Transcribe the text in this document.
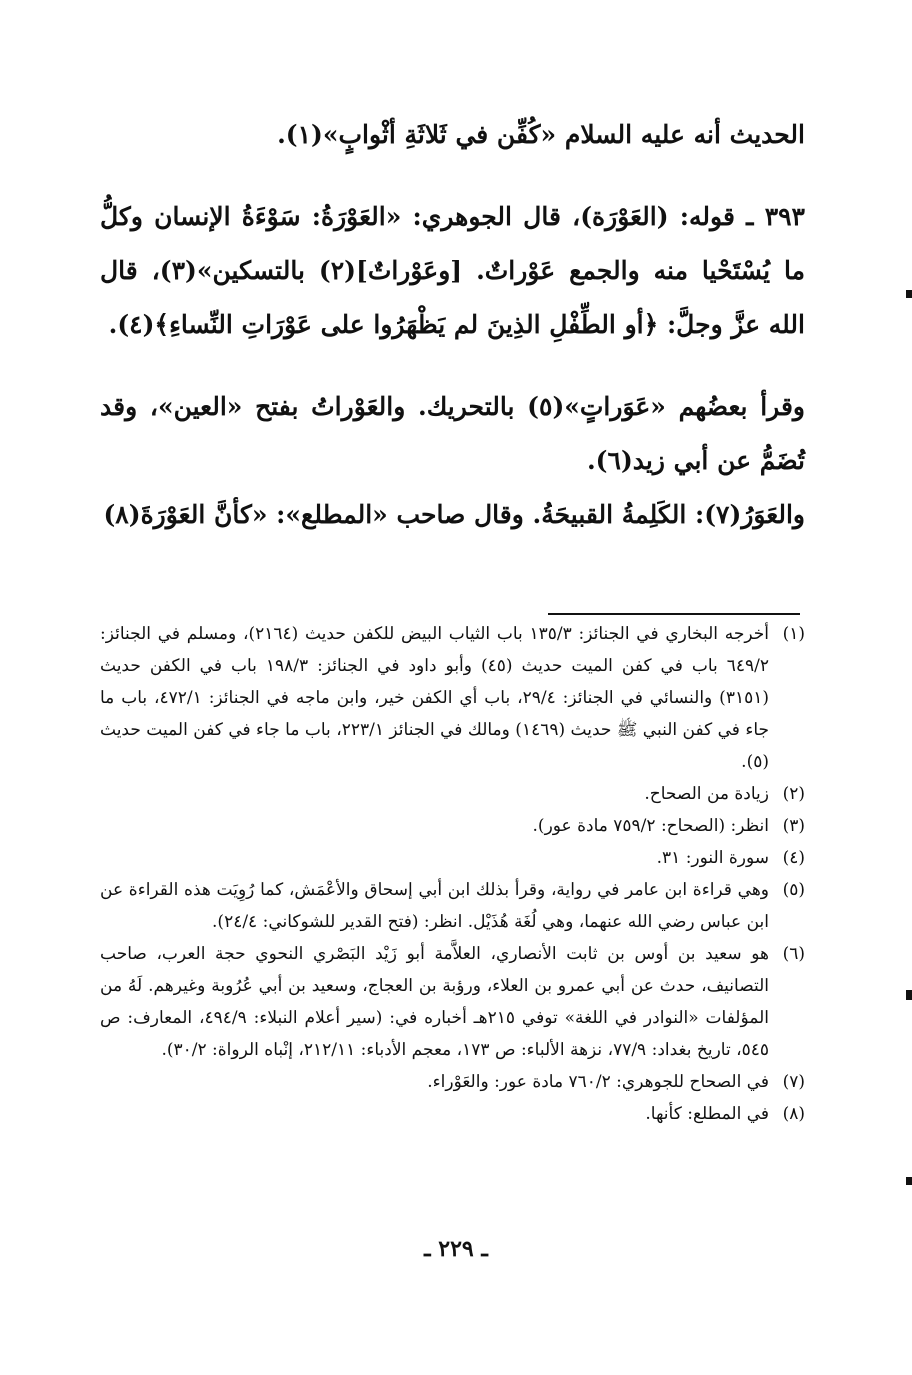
الحديث أنه عليه السلام «كُفِّن في ثَلاثَةِ أثْوابٍ»(١).

٣٩٣ ـ قوله: (العَوْرَة)، قال الجوهري: «العَوْرَةُ: سَوْءَةُ الإنسان وكلُّ ما يُسْتَحْيا منه والجمع عَوْراتٌ. [وعَوْراتٌ](٢) بالتسكين»(٣)، قال الله عزَّ وجلَّ: ﴿أو الطِّفْلِ الذِينَ لم يَظْهَرُوا على عَوْرَاتِ النِّساءِ﴾(٤).

وقرأ بعضُهم «عَوَراتٍ»(٥) بالتحريك. والعَوْراتُ بفتح «العين»، وقد تُضَمُّ عن أبي زيد(٦).

والعَوَرُ(٧): الكَلِمةُ القبيحَةُ. وقال صاحب «المطلع»: «كأنَّ العَوْرَةَ(٨)

(١)
أخرجه البخاري في الجنائز: ١٣٥/٣ باب الثياب البيض للكفن حديث (٢١٦٤)، ومسلم في الجنائز: ٦٤٩/٢ باب في كفن الميت حديث (٤٥) وأبو داود في الجنائز: ١٩٨/٣ باب في الكفن حديث (٣١٥١) والنسائي في الجنائز: ٢٩/٤، باب أي الكفن خير، وابن ماجه في الجنائز: ٤٧٢/١، باب ما جاء في كفن النبي ﷺ حديث (١٤٦٩) ومالك في الجنائز ٢٢٣/١، باب ما جاء في كفن الميت حديث (٥).
(٢)
زيادة من الصحاح.
(٣)
انظر: (الصحاح: ٧٥٩/٢ مادة عور).
(٤)
سورة النور: ٣١.
(٥)
وهي قراءة ابن عامر في رواية، وقرأ بذلك ابن أبي إسحاق والأعْمَش، كما رُوِيَت هذه القراءة عن ابن عباس رضي الله عنهما، وهي لُغَة هُذَيْل. انظر: (فتح القدير للشوكاني: ٢٤/٤).
(٦)
هو سعيد بن أوس بن ثابت الأنصاري، العلاَّمة أبو زَيْد البَصْري النحوي حجة العرب، صاحب التصانيف، حدث عن أبي عمرو بن العلاء، ورؤبة بن العجاج، وسعيد بن أبي عُرُوبة وغيرهم. لَهُ من المؤلفات «النوادر في اللغة» توفي ٢١٥هـ أخباره في: (سير أعلام النبلاء: ٤٩٤/٩، المعارف: ص ٥٤٥، تاريخ بغداد: ٧٧/٩، نزهة الألباء: ص ١٧٣، معجم الأدباء: ٢١٢/١١، إنْباه الرواة: ٣٠/٢).
(٧)
في الصحاح للجوهري: ٧٦٠/٢ مادة عور: والعَوْراء.
(٨)
في المطلع: كأنها.
ـ ٢٢٩ ـ
